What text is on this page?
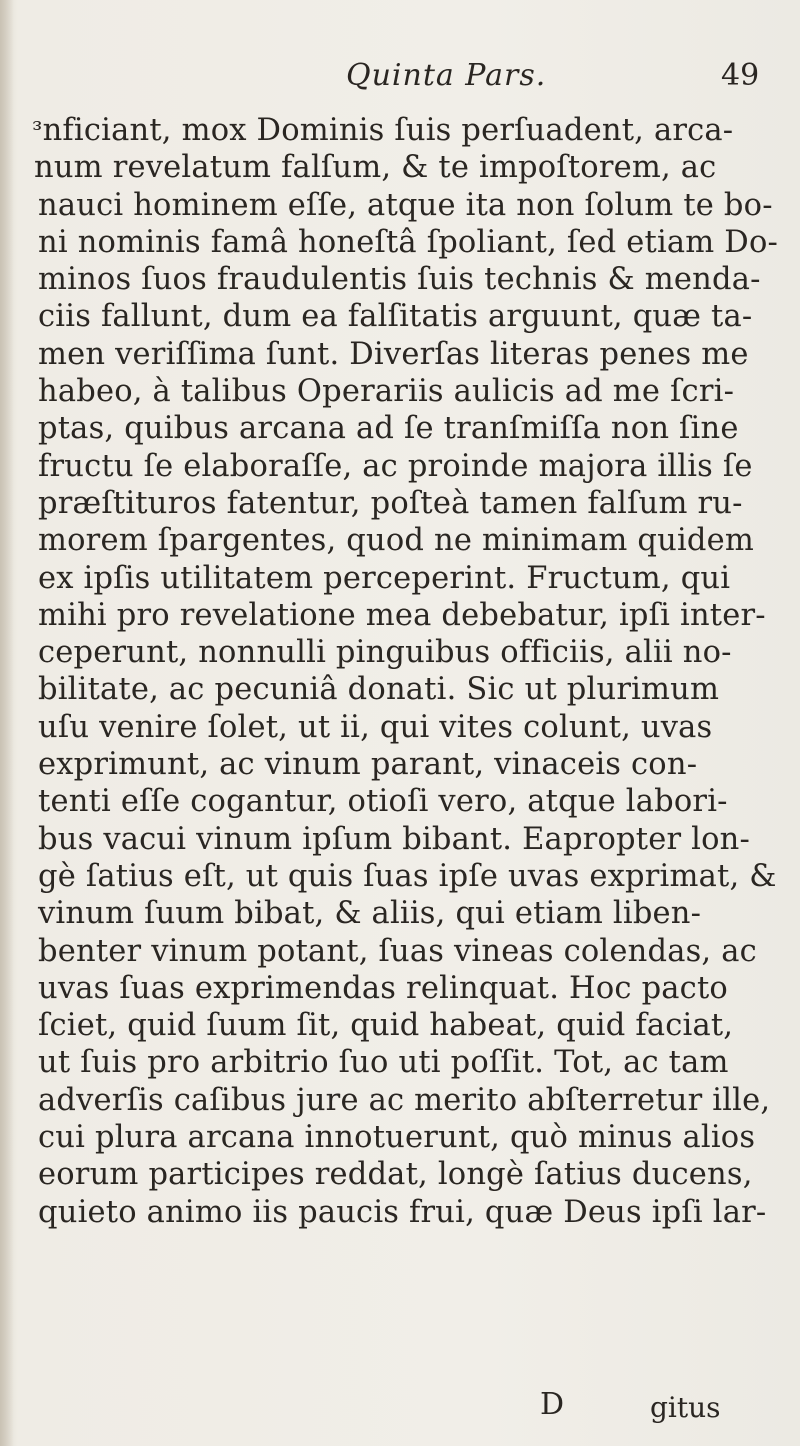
Quinta Pars.	49
ᵌnficiant, mox Dominis ſuis perſuadent, arca-
num revelatum falſum, & te impoſtorem, ac
nauci hominem eſſe, atque ita non ſolum te bo-
ni nominis famâ honeſtâ ſpoliant, ſed etiam Do-
minos ſuos fraudulentis ſuis technis & menda-
ciis fallunt, dum ea falſitatis arguunt, quæ ta-
men veriſſima ſunt. Diverſas literas penes me
habeo, à talibus Operariis aulicis ad me ſcri-
ptas, quibus arcana ad ſe tranſmiſſa non ſine
fructu ſe elaboraſſe, ac proinde majora illis ſe
præſtituros fatentur, poſteà tamen falſum ru-
morem ſpargentes, quod ne minimam quidem
ex ipſis utilitatem perceperint. Fructum, qui
mihi pro revelatione mea debebatur, ipſi inter-
ceperunt, nonnulli pinguibus officiis, alii no-
bilitate, ac pecuniâ donati. Sic ut plurimum
uſu venire ſolet, ut ii, qui vites colunt, uvas
exprimunt, ac vinum parant, vinaceis con-
tenti eſſe cogantur, otioſi vero, atque labori-
bus vacui vinum ipſum bibant. Eapropter lon-
gè ſatius eſt, ut quis ſuas ipſe uvas exprimat, &
vinum ſuum bibat, & aliis, qui etiam liben-
benter vinum potant, ſuas vineas colendas, ac
uvas ſuas exprimendas relinquat. Hoc pacto
ſciet, quid ſuum ſit, quid habeat, quid faciat,
ut ſuis pro arbitrio ſuo uti poſſit. Tot, ac tam
adverſis caſibus jure ac merito abſterretur ille,
cui plura arcana innotuerunt, quò minus alios
eorum participes reddat, longè ſatius ducens,
quieto animo iis paucis frui, quæ Deus ipſi lar-
D	gitus
